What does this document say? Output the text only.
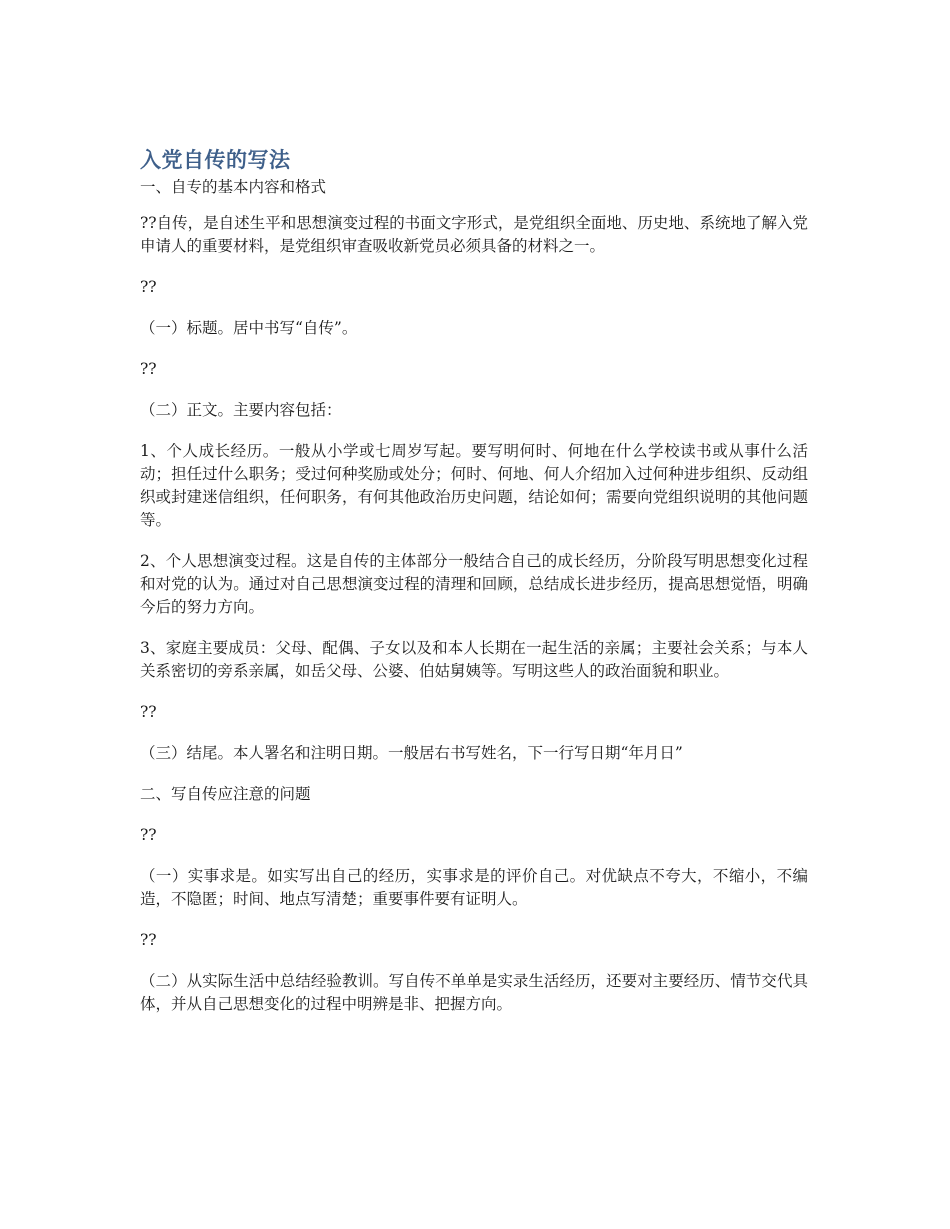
入党自传的写法
一、自专的基本内容和格式
??自传，是自述生平和思想演变过程的书面文字形式，是党组织全面地、历史地、系统地了解入党申请人的重要材料，是党组织审查吸收新党员必须具备的材料之一。
??
（一）标题。居中书写“自传”。
??
（二）正文。主要内容包括：
1、个人成长经历。一般从小学或七周岁写起。要写明何时、何地在什么学校读书或从事什么活动；担任过什么职务；受过何种奖励或处分；何时、何地、何人介绍加入过何种进步组织、反动组织或封建迷信组织，任何职务，有何其他政治历史问题，结论如何；需要向党组织说明的其他问题等。
2、个人思想演变过程。这是自传的主体部分一般结合自己的成长经历，分阶段写明思想变化过程和对党的认为。通过对自己思想演变过程的清理和回顾，总结成长进步经历，提高思想觉悟，明确今后的努力方向。
3、家庭主要成员：父母、配偶、子女以及和本人长期在一起生活的亲属；主要社会关系；与本人关系密切的旁系亲属，如岳父母、公婆、伯姑舅姨等。写明这些人的政治面貌和职业。
??
（三）结尾。本人署名和注明日期。一般居右书写姓名，下一行写日期“年月日”
二、写自传应注意的问题
??
（一）实事求是。如实写出自己的经历，实事求是的评价自己。对优缺点不夸大，不缩小，不编造，不隐匿；时间、地点写清楚；重要事件要有证明人。
??
（二）从实际生活中总结经验教训。写自传不单单是实录生活经历，还要对主要经历、情节交代具体，并从自己思想变化的过程中明辨是非、把握方向。
